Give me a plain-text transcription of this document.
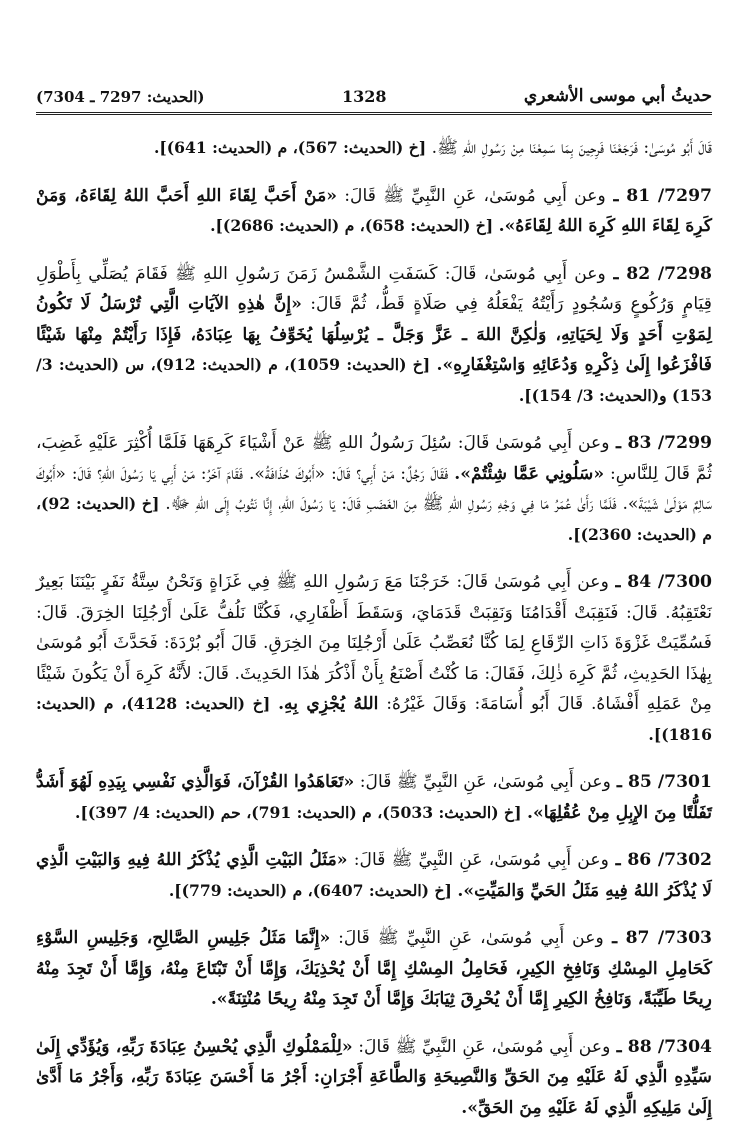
حديثُ أبي موسى الأشعري
1328
(الحديث: 7297 ـ 7304)

قَالَ أَبُو مُوسَىٰ: فَرَجَعْنَا فَرِحِينَ بِمَا سَمِعْنَا مِنْ رَسُولِ اللهِ ﷺ. [خ (الحديث: 567)، م (الحديث: 641)].

7297/ 81 ـ وعن أَبِي مُوسَىٰ، عَنِ النَّبِيِّ ﷺ قَالَ: «مَنْ أَحَبَّ لِقَاءَ اللهِ أَحَبَّ اللهُ لِقَاءَهُ، وَمَنْ كَرِهَ لِقَاءَ اللهِ كَرِهَ اللهُ لِقَاءَهُ». [خ (الحديث: 658)، م (الحديث: 2686)].

7298/ 82 ـ وعن أَبِي مُوسَىٰ، قَالَ: كَسَفَتِ الشَّمْسُ زَمَنَ رَسُولِ اللهِ ﷺ فَقَامَ يُصَلِّي بِأَطْوَلِ قِيَامٍ وَرُكُوعٍ وَسُجُودٍ رَأَيْتُهُ يَفْعَلُهُ فِي صَلَاةٍ قَطُّ، ثُمَّ قَالَ: «إِنَّ هٰذِهِ الآيَاتِ الَّتِي تُرْسَلُ لَا تَكُونُ لِمَوْتِ أَحَدٍ وَلَا لِحَيَاتِهِ، وَلٰكِنَّ اللهَ ـ عَزَّ وَجَلَّ ـ يُرْسِلُهَا يُخَوِّفُ بِهَا عِبَادَهُ، فَإِذَا رَأَيْتُمْ مِنْهَا شَيْئًا فَافْزَعُوا إِلَىٰ ذِكْرِهِ وَدُعَائِهِ وَاسْتِغْفَارِهِ». [خ (الحديث: 1059)، م (الحديث: 912)، س (الحديث: 3/ 153) و(الحديث: 3/ 154)].

7299/ 83 ـ وعن أَبِي مُوسَىٰ قَالَ: سُئِلَ رَسُولُ اللهِ ﷺ عَنْ أَشْيَاءَ كَرِهَهَا فَلَمَّا أُكْثِرَ عَلَيْهِ غَضِبَ، ثُمَّ قَالَ لِلنَّاسِ: «سَلُونِي عَمَّا شِئْتُمْ». فَقَالَ رَجُلٌ: مَنْ أَبِي؟ قَالَ: «أَبُوكَ حُذَافَةُ». فَقَامَ آخَرُ: مَنْ أَبِي يَا رَسُولَ اللهِ؟ قَالَ: «أَبُوكَ سَالِمٌ مَوْلَىٰ شَيْبَةَ». فَلَمَّا رَأَىٰ عُمَرُ مَا فِي وَجْهِ رَسُولِ اللهِ ﷺ مِنَ الغَضَبِ قَالَ: يَا رَسُولَ اللهِ، إِنَّا نَتُوبُ إِلَى اللهِ ﷻ. [خ (الحديث: 92)، م (الحديث: 2360)].

7300/ 84 ـ وعن أَبِي مُوسَىٰ قَالَ: خَرَجْنَا مَعَ رَسُولِ اللهِ ﷺ فِي غَزَاةٍ وَنَحْنُ سِتَّةُ نَفَرٍ بَيْنَنَا بَعِيرٌ نَعْتَقِبُهُ. قَالَ: فَنَقِبَتْ أَقْدَامُنَا وَنَقِبَتْ قَدَمَايَ، وَسَقَطَ أَظْفَارِي، فَكُنَّا نَلُفُّ عَلَىٰ أَرْجُلِنَا الخِرَقَ. قَالَ: فَسُمِّيَتْ غَزْوَةَ ذَاتِ الرِّقَاعِ لِمَا كُنَّا نُعَصِّبُ عَلَىٰ أَرْجُلِنَا مِنَ الخِرَقِ. قَالَ أَبُو بُرْدَةَ: فَحَدَّثَ أَبُو مُوسَىٰ بِهٰذَا الحَدِيثِ، ثُمَّ كَرِهَ ذٰلِكَ، فَقَالَ: مَا كُنْتُ أَصْنَعُ بِأَنْ أَذْكُرَ هٰذَا الحَدِيثَ. قَالَ: لأَنَّهُ كَرِهَ أَنْ يَكُونَ شَيْئًا مِنْ عَمَلِهِ أَفْشَاهُ. قَالَ أَبُو أُسَامَةَ: وَقَالَ غَيْرُهُ: اللهُ يُجْزِي بِهِ. [خ (الحديث: 4128)، م (الحديث: 1816)].

7301/ 85 ـ وعن أَبِي مُوسَىٰ، عَنِ النَّبِيِّ ﷺ قَالَ: «تَعَاهَدُوا القُرْآنَ، فَوَالَّذِي نَفْسِي بِيَدِهِ لَهُوَ أَشَدُّ تَفَلُّتًا مِنَ الإِبِلِ مِنْ عُقُلِهَا». [خ (الحديث: 5033)، م (الحديث: 791)، حم (الحديث: 4/ 397)].

7302/ 86 ـ وعن أَبِي مُوسَىٰ، عَنِ النَّبِيِّ ﷺ قَالَ: «مَثَلُ البَيْتِ الَّذِي يُذْكَرُ اللهُ فِيهِ وَالبَيْتِ الَّذِي لَا يُذْكَرُ اللهُ فِيهِ مَثَلُ الحَيِّ وَالمَيِّتِ». [خ (الحديث: 6407)، م (الحديث: 779)].

7303/ 87 ـ وعن أَبِي مُوسَىٰ، عَنِ النَّبِيِّ ﷺ قَالَ: «إِنَّمَا مَثَلُ جَلِيسِ الصَّالِحِ، وَجَلِيسِ السَّوْءِ كَحَامِلِ المِسْكِ وَنَافِخِ الكِيرِ، فَحَامِلُ المِسْكِ إِمَّا أَنْ يُحْذِيَكَ، وَإِمَّا أَنْ تَبْتَاعَ مِنْهُ، وَإِمَّا أَنْ تَجِدَ مِنْهُ رِيحًا طَيِّبَةً، وَنَافِخُ الكِيرِ إِمَّا أَنْ يُحْرِقَ ثِيَابَكَ وَإِمَّا أَنْ تَجِدَ مِنْهُ رِيحًا مُنْتِنَةً».

7304/ 88 ـ وعن أَبِي مُوسَىٰ، عَنِ النَّبِيِّ ﷺ قَالَ: «لِلْمَمْلُوكِ الَّذِي يُحْسِنُ عِبَادَةَ رَبِّهِ، وَيُؤَدِّي إِلَىٰ سَيِّدِهِ الَّذِي لَهُ عَلَيْهِ مِنَ الحَقِّ وَالنَّصِيحَةِ وَالطَّاعَةِ أَجْرَانِ: أَجْرُ مَا أَحْسَنَ عِبَادَةَ رَبِّهِ، وَأَجْرُ مَا أَدَّىٰ إِلَىٰ مَلِيكِهِ الَّذِي لَهُ عَلَيْهِ مِنَ الحَقِّ».
